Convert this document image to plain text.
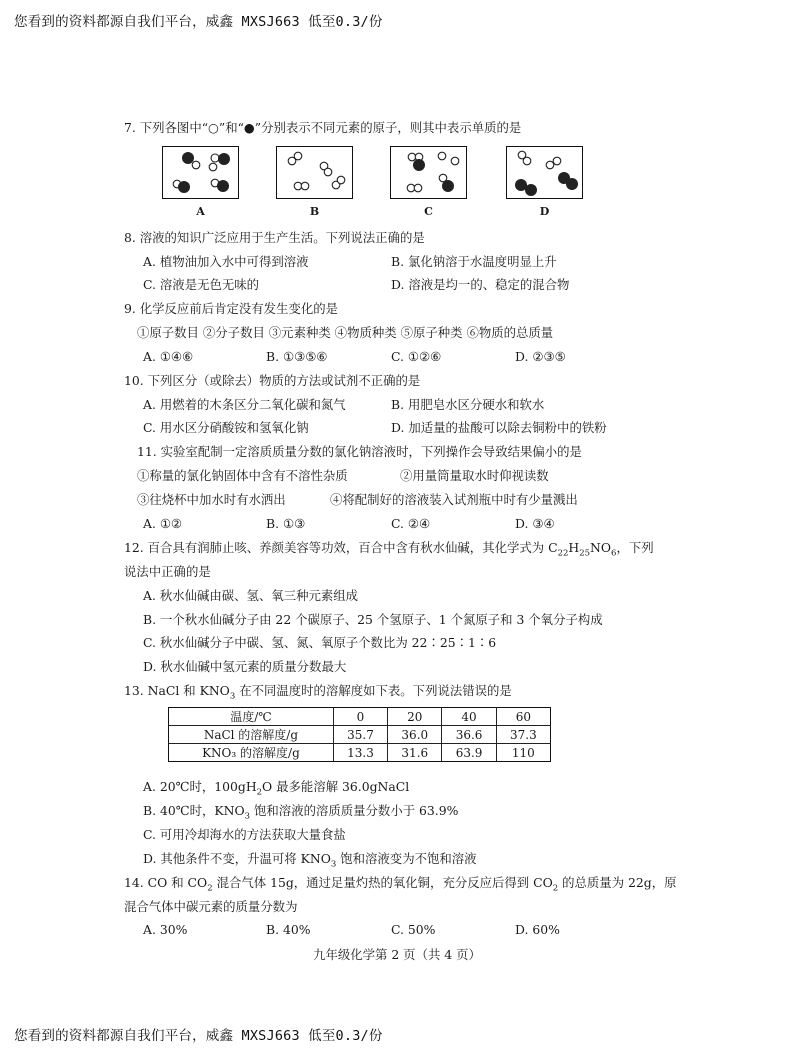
您看到的资料都源自我们平台，威鑫 MXSJ663 低至0.3/份
7. 下列各图中“○”和“●”分别表示不同元素的原子，则其中表示单质的是
A	B	C	D
8. 溶液的知识广泛应用于生产生活。下列说法正确的是
A. 植物油加入水中可得到溶液	B. 氯化钠溶于水温度明显上升
C. 溶液是无色无味的	D. 溶液是均一的、稳定的混合物
9. 化学反应前后肯定没有发生变化的是
①原子数目 ②分子数目 ③元素种类 ④物质种类 ⑤原子种类 ⑥物质的总质量
A. ①④⑥	B. ①③⑤⑥	C. ①②⑥	D. ②③⑤
10. 下列区分（或除去）物质的方法或试剂不正确的是
A. 用燃着的木条区分二氧化碳和氮气	B. 用肥皂水区分硬水和软水
C. 用水区分硝酸铵和氢氧化钠	D. 加适量的盐酸可以除去铜粉中的铁粉
11. 实验室配制一定溶质质量分数的氯化钠溶液时，下列操作会导致结果偏小的是
①称量的氯化钠固体中含有不溶性杂质	②用量筒量取水时仰视读数
③往烧杯中加水时有水洒出	④将配制好的溶液装入试剂瓶中时有少量溅出
A. ①②	B. ①③	C. ②④	D. ③④
12. 百合具有润肺止咳、养颜美容等功效，百合中含有秋水仙碱，其化学式为 $C_{22}H_{25}NO_6$，下列
说法中正确的是
A. 秋水仙碱由碳、氢、氧三种元素组成
B. 一个秋水仙碱分子由 22 个碳原子、25 个氢原子、1 个氮原子和 3 个氧分子构成
C. 秋水仙碱分子中碳、氢、氮、氧原子个数比为 22∶25∶1∶6
D. 秋水仙碱中氢元素的质量分数最大
13. NaCl 和 $KNO_3$ 在不同温度时的溶解度如下表。下列说法错误的是
温度/℃	0	20	40	60
NaCl 的溶解度/g	35.7	36.0	36.6	37.3
KNO₃ 的溶解度/g	13.3	31.6	63.9	110
A. 20℃时，$100gH_2O$ 最多能溶解 36.0gNaCl
B. 40℃时，$KNO_3$ 饱和溶液的溶质质量分数小于 63.9%
C. 可用冷却海水的方法获取大量食盐
D. 其他条件不变，升温可将 $KNO_3$ 饱和溶液变为不饱和溶液
14. CO 和 $CO_2$ 混合气体 15g，通过足量灼热的氧化铜，充分反应后得到 $CO_2$ 的总质量为 22g，原
混合气体中碳元素的质量分数为
A. 30%	B. 40%	C. 50%	D. 60%
九年级化学第 2 页（共 4 页）
您看到的资料都源自我们平台，威鑫 MXSJ663 低至0.3/份
